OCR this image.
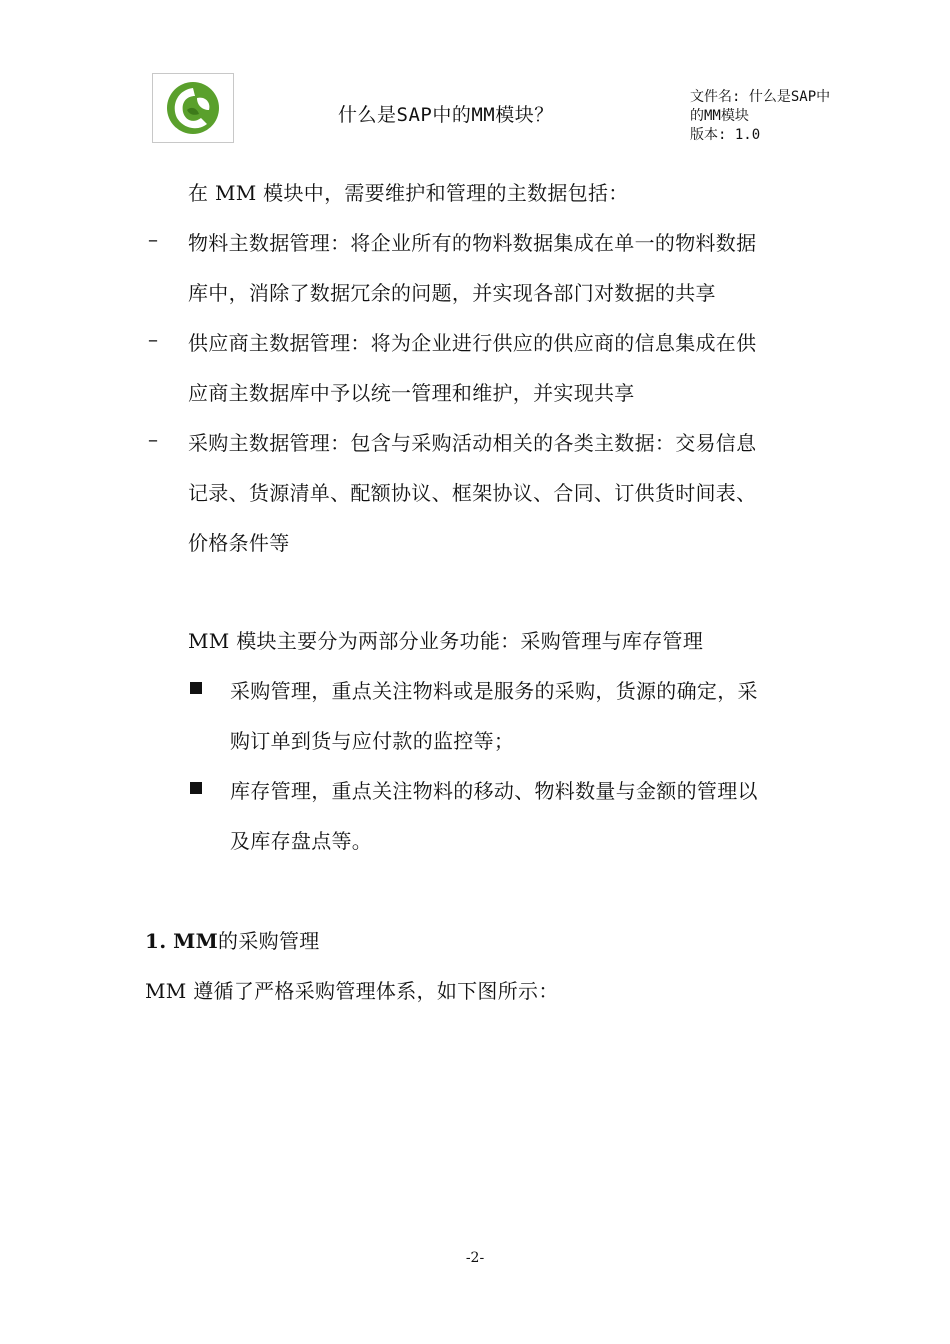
什么是SAP中的MM模块？
文件名: 什么是SAP中
的MM模块
版本: 1.0
在 MM 模块中，需要维护和管理的主数据包括：
– 物料主数据管理：将企业所有的物料数据集成在单一的物料数据
库中，消除了数据冗余的问题，并实现各部门对数据的共享
– 供应商主数据管理：将为企业进行供应的供应商的信息集成在供
应商主数据库中予以统一管理和维护，并实现共享
– 采购主数据管理：包含与采购活动相关的各类主数据：交易信息
记录、货源清单、配额协议、框架协议、合同、订供货时间表、
价格条件等
MM 模块主要分为两部分业务功能：采购管理与库存管理
采购管理，重点关注物料或是服务的采购，货源的确定，采
购订单到货与应付款的监控等；
库存管理，重点关注物料的移动、物料数量与金额的管理以
及库存盘点等。
1. MM的采购管理
MM 遵循了严格采购管理体系，如下图所示：
-2-
